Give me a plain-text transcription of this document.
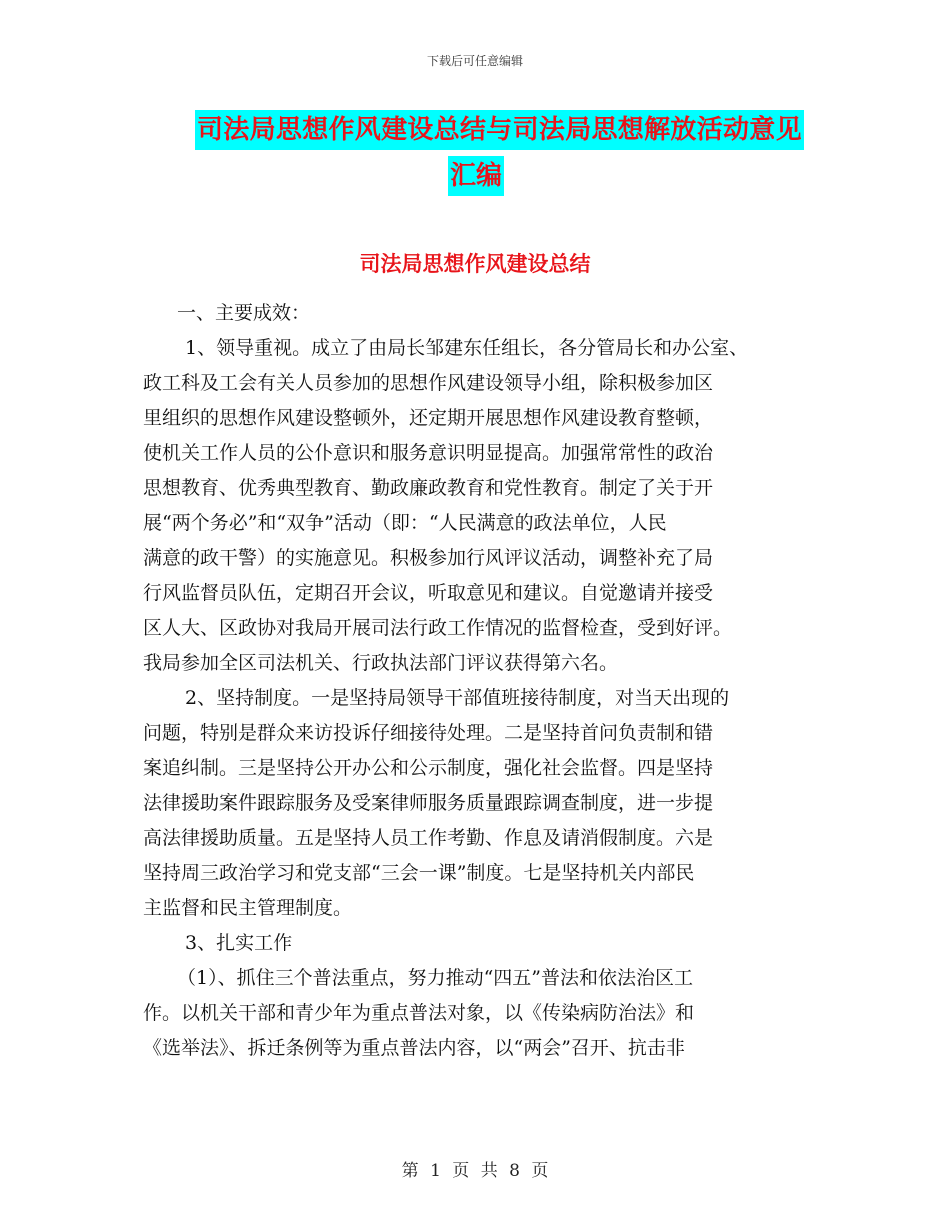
下载后可任意编辑
司法局思想作风建设总结与司法局思想解放活动意见
汇编
司法局思想作风建设总结
一、主要成效：
1、领导重视。成立了由局长邹建东任组长，各分管局长和办公室、
政工科及工会有关人员参加的思想作风建设领导小组，除积极参加区
里组织的思想作风建设整顿外，还定期开展思想作风建设教育整顿，
使机关工作人员的公仆意识和服务意识明显提高。加强常常性的政治
思想教育、优秀典型教育、勤政廉政教育和党性教育。制定了关于开
展“两个务必”和“双争”活动（即：“人民满意的政法单位，人民
满意的政干警）的实施意见。积极参加行风评议活动，调整补充了局
行风监督员队伍，定期召开会议，听取意见和建议。自觉邀请并接受
区人大、区政协对我局开展司法行政工作情况的监督检查，受到好评。
我局参加全区司法机关、行政执法部门评议获得第六名。
2、坚持制度。一是坚持局领导干部值班接待制度，对当天出现的
问题，特别是群众来访投诉仔细接待处理。二是坚持首问负责制和错
案追纠制。三是坚持公开办公和公示制度，强化社会监督。四是坚持
法律援助案件跟踪服务及受案律师服务质量跟踪调查制度，进一步提
高法律援助质量。五是坚持人员工作考勤、作息及请消假制度。六是
坚持周三政治学习和党支部“三会一课”制度。七是坚持机关内部民
主监督和民主管理制度。
3、扎实工作
（1）、抓住三个普法重点，努力推动“四五”普法和依法治区工
作。以机关干部和青少年为重点普法对象，以《传染病防治法》和
《选举法》、拆迁条例等为重点普法内容，以“两会”召开、抗击非
第 1 页 共 8 页
